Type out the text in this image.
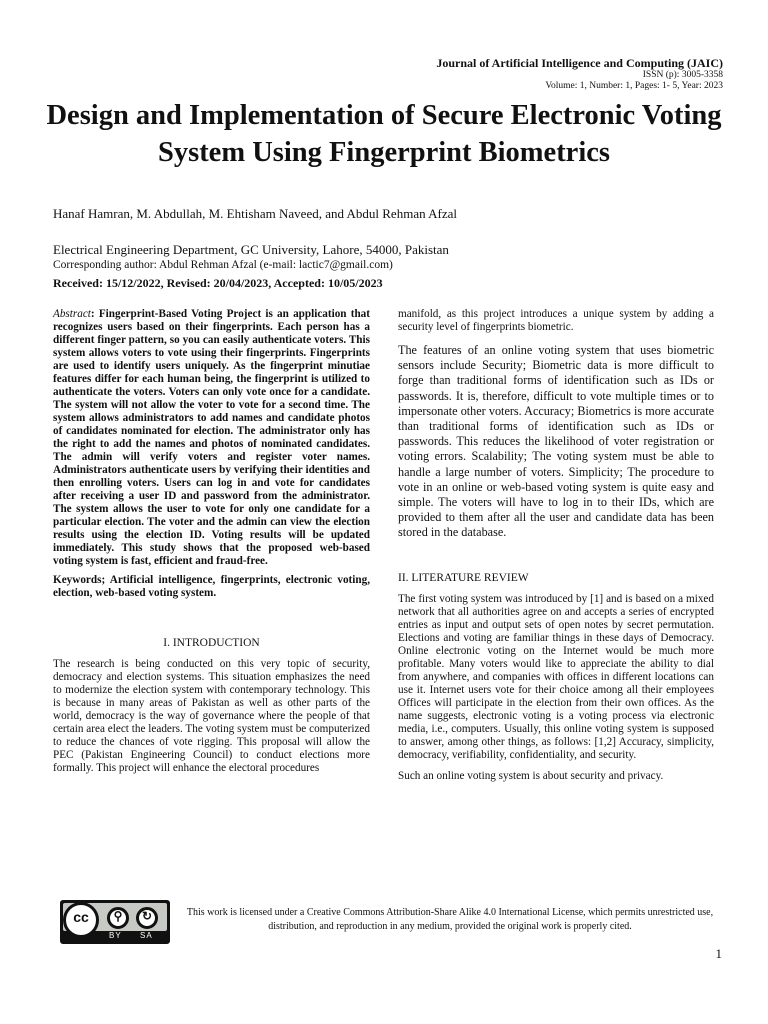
Journal of Artificial Intelligence and Computing (JAIC)
ISSN (p): 3005-3358
Volume: 1, Number: 1, Pages: 1- 5, Year: 2023
Design and Implementation of Secure Electronic Voting System Using Fingerprint Biometrics
Hanaf Hamran, M. Abdullah, M. Ehtisham Naveed, and Abdul Rehman Afzal
Electrical Engineering Department, GC University, Lahore, 54000, Pakistan
Corresponding author: Abdul Rehman Afzal (e-mail: lactic7@gmail.com)
Received: 15/12/2022, Revised: 20/04/2023, Accepted: 10/05/2023

Abstract: Fingerprint-Based Voting Project is an application that recognizes users based on their fingerprints. Each person has a different finger pattern, so you can easily authenticate voters. This system allows voters to vote using their fingerprints. Fingerprints are used to identify users uniquely. As the fingerprint minutiae features differ for each human being, the fingerprint is utilized to authenticate the voters. Voters can only vote once for a candidate. The system will not allow the voter to vote for a second time. The system allows administrators to add names and candidate photos of candidates nominated for election. The administrator only has the right to add the names and photos of nominated candidates. The admin will verify voters and register voter names. Administrators authenticate users by verifying their identities and then enrolling voters. Users can log in and vote for candidates after receiving a user ID and password from the administrator. The system allows the user to vote for only one candidate for a particular election. The voter and the admin can view the election results using the election ID. Voting results will be updated immediately. This study shows that the proposed web-based voting system is fast, efficient and fraud-free.

Keywords; Artificial intelligence, fingerprints, electronic voting, election, web-based voting system.

I. INTRODUCTION

The research is being conducted on this very topic of security, democracy and election systems. This situation emphasizes the need to modernize the election system with contemporary technology. This is because in many areas of Pakistan as well as other parts of the world, democracy is the way of governance where the people of that certain area elect the leaders. The voting system must be computerized to reduce the chances of vote rigging. This proposal will allow the PEC (Pakistan Engineering Council) to conduct elections more formally. This project will enhance the electoral procedures

manifold, as this project introduces a unique system by adding a security level of fingerprints biometric.

The features of an online voting system that uses biometric sensors include Security; Biometric data is more difficult to forge than traditional forms of identification such as IDs or passwords. It is, therefore, difficult to vote multiple times or to impersonate other voters. Accuracy; Biometrics is more accurate than traditional forms of identification such as IDs or passwords. This reduces the likelihood of voter registration or voting errors. Scalability; The voting system must be able to handle a large number of voters. Simplicity; The procedure to vote in an online or web-based voting system is quite easy and simple. The voters will have to log in to their IDs, which are provided to them after all the user and candidate data has been stored in the database.

II. LITERATURE REVIEW

The first voting system was introduced by [1] and is based on a mixed network that all authorities agree on and accepts a series of encrypted entries as input and output sets of open notes by secret permutation. Elections and voting are familiar things in these days of Democracy. Online electronic voting on the Internet would be much more profitable. Many voters would like to appreciate the ability to dial from anywhere, and companies with offices in different locations can use it. Internet users vote for their choice among all their employees Offices will participate in the election from their own offices. As the name suggests, electronic voting is a voting process via electronic media, i.e., computers. Usually, this online voting system is supposed to answer, among other things, as follows: [1,2] Accuracy, simplicity, democracy, verifiability, confidentiality, and security.

Such an online voting system is about security and privacy.

cc	⚲	↻
BY SA
This work is licensed under a Creative Commons Attribution-Share Alike 4.0 International License, which permits unrestricted use, distribution, and reproduction in any medium, provided the original work is properly cited.
1
